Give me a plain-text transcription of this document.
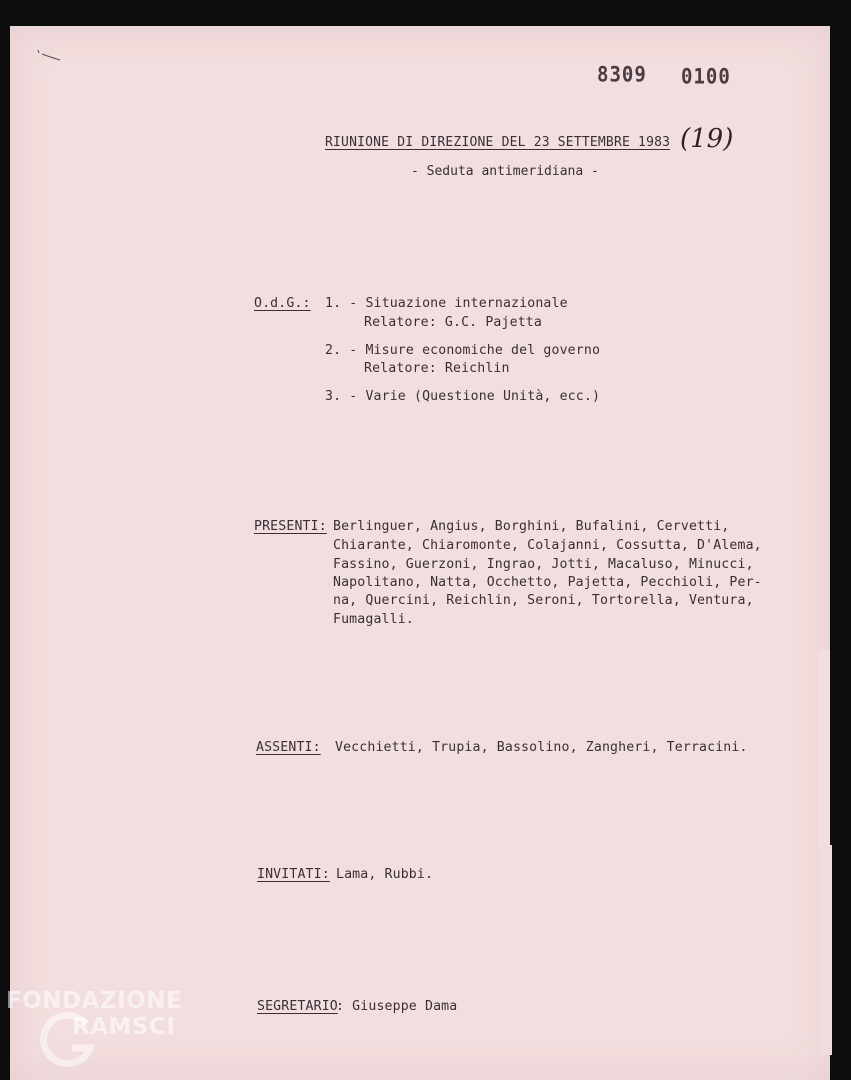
8309 0100
RIUNIONE DI DIREZIONE DEL 23 SETTEMBRE 1983 (19)
- Seduta antimeridiana -
O.d.G.: 1. - Situazione internazionale
Relatore: G.C. Pajetta
2. - Misure economiche del governo
Relatore: Reichlin
3. - Varie (Questione Unità, ecc.)
PRESENTI: Berlinguer, Angius, Borghini, Bufalini, Cervetti,
Chiarante, Chiaromonte, Colajanni, Cossutta, D'Alema,
Fassino, Guerzoni, Ingrao, Jotti, Macaluso, Minucci,
Napolitano, Natta, Occhetto, Pajetta, Pecchioli, Per-
na, Quercini, Reichlin, Seroni, Tortorella, Ventura,
Fumagalli.
ASSENTI: Vecchietti, Trupia, Bassolino, Zangheri, Terracini.
INVITATI: Lama, Rubbi.
SEGRETARIO
: Giuseppe Dama
FONDAZIONE
RAMSCI
